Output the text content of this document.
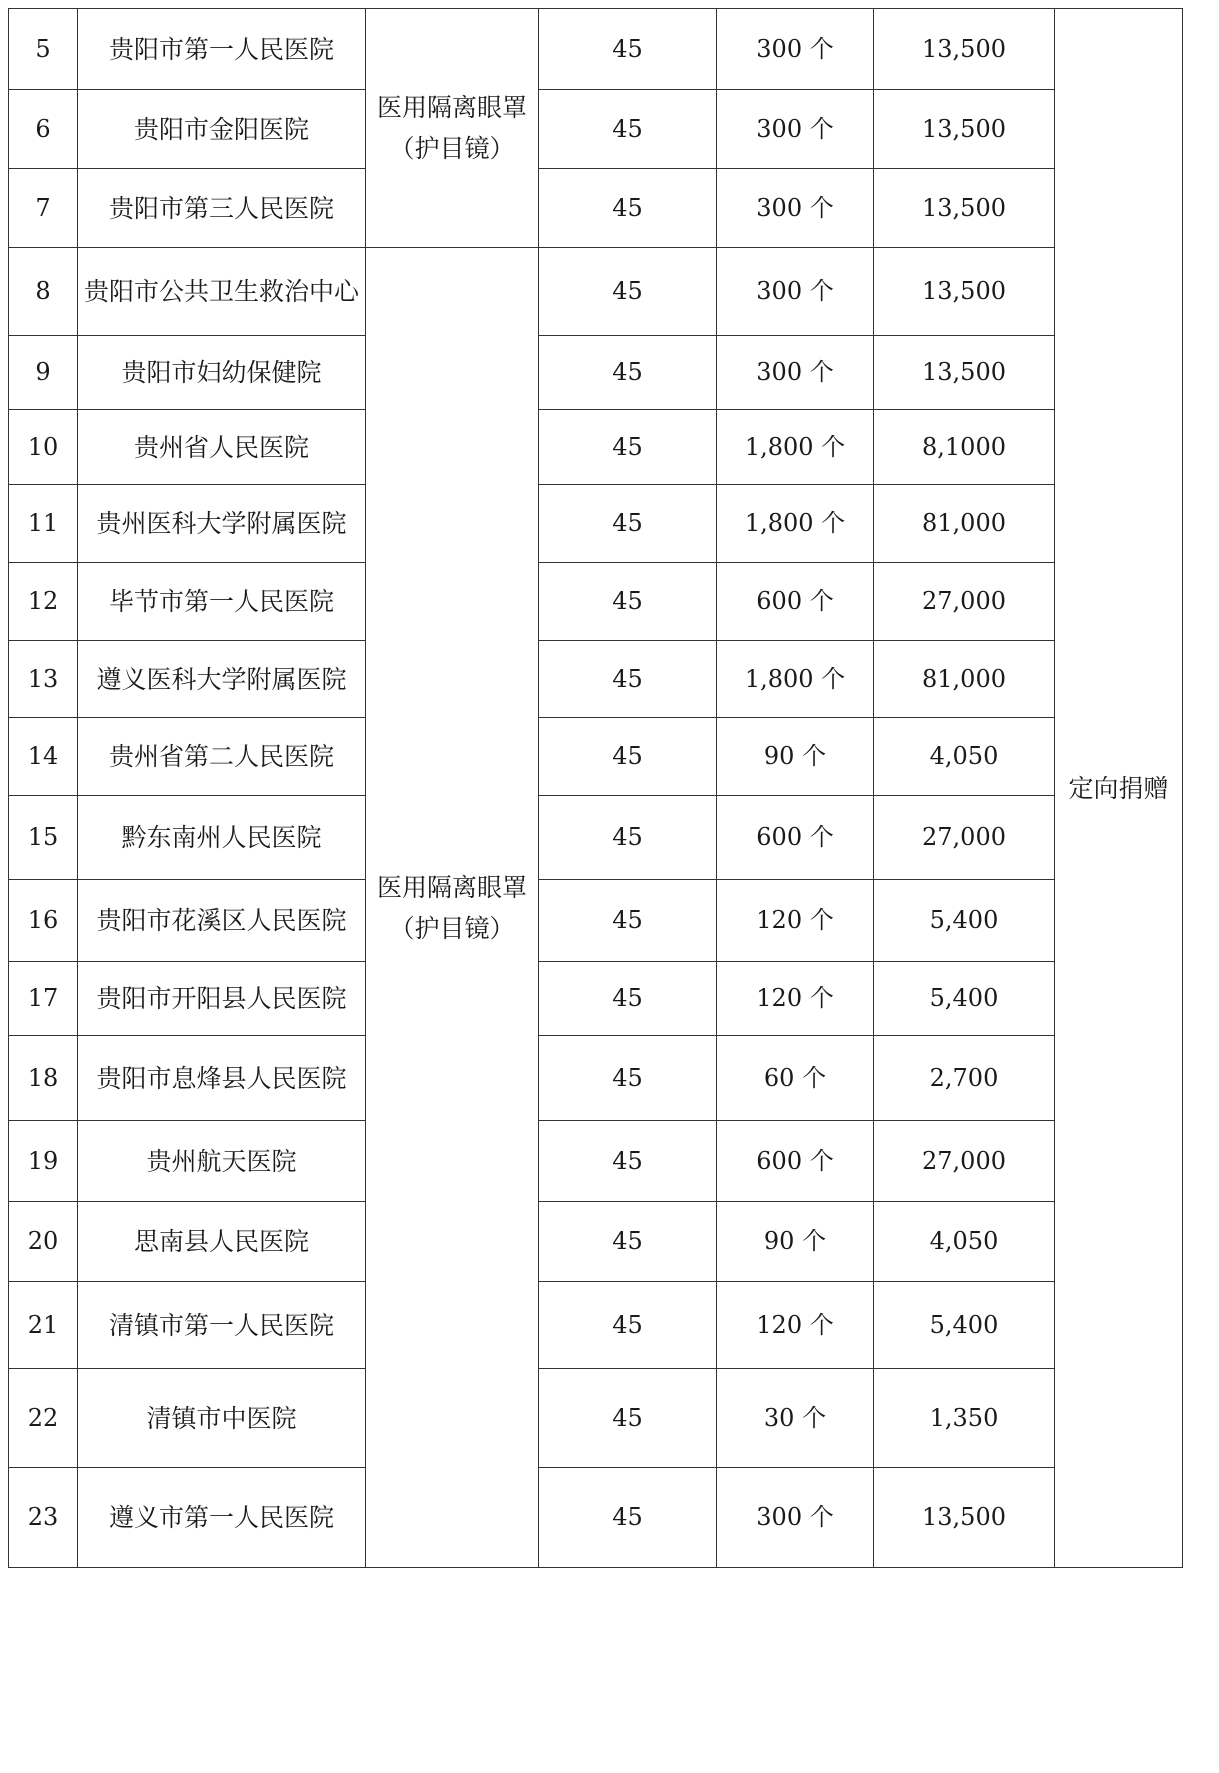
5	贵阳市第一人民医院	医用隔离眼罩（护目镜）	45	300 个	13,500	定向捐赠
6	贵阳市金阳医院		45	300 个	13,500	
7	贵阳市第三人民医院		45	300 个	13,500	
8	贵阳市公共卫生救治中心	医用隔离眼罩（护目镜）	45	300 个	13,500	
9	贵阳市妇幼保健院		45	300 个	13,500	
10	贵州省人民医院		45	1,800 个	8,1000	
11	贵州医科大学附属医院		45	1,800 个	81,000	
12	毕节市第一人民医院		45	600 个	27,000	
13	遵义医科大学附属医院		45	1,800 个	81,000	
14	贵州省第二人民医院		45	90 个	4,050	
15	黔东南州人民医院		45	600 个	27,000	
16	贵阳市花溪区人民医院		45	120 个	5,400	
17	贵阳市开阳县人民医院		45	120 个	5,400	
18	贵阳市息烽县人民医院		45	60 个	2,700	
19	贵州航天医院		45	600 个	27,000	
20	思南县人民医院		45	90 个	4,050	
21	清镇市第一人民医院		45	120 个	5,400	
22	清镇市中医院		45	30 个	1,350	
23	遵义市第一人民医院		45	300 个	13,500	
